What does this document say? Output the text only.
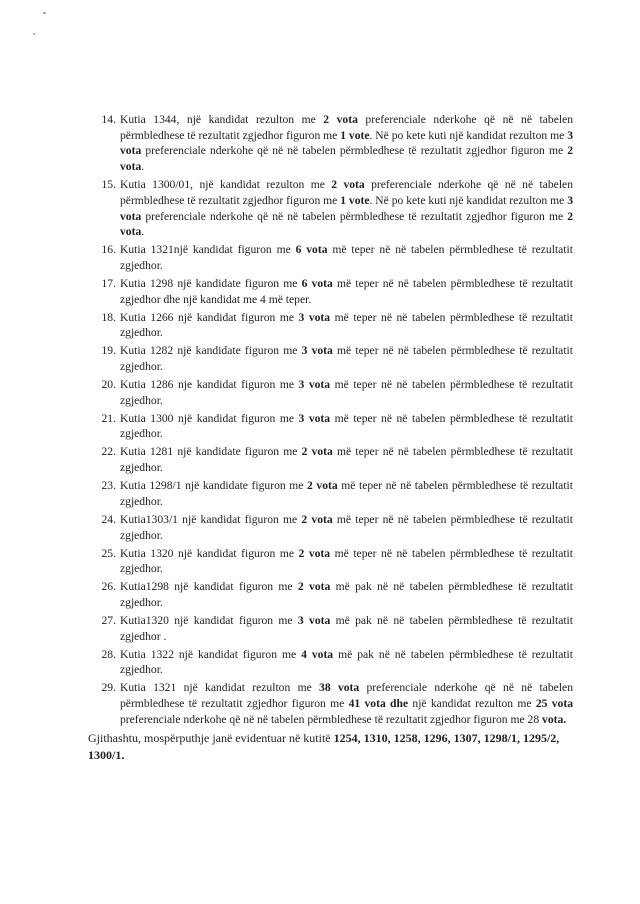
14. Kutia 1344, një kandidat rezulton me 2 vota preferenciale nderkohe që në në tabelen përmbledhese të rezultatit zgjedhor figuron me 1 vote. Në po kete kuti një kandidat rezulton me 3 vota preferenciale nderkohe që në në tabelen përmbledhese të rezultatit zgjedhor figuron me 2 vota.
15. Kutia 1300/01, një kandidat rezulton me 2 vota preferenciale nderkohe që në në tabelen përmbledhese të rezultatit zgjedhor figuron me 1 vote. Në po kete kuti një kandidat rezulton me 3 vota preferenciale nderkohe që në në tabelen përmbledhese të rezultatit zgjedhor figuron me 2 vota.
16. Kutia 1321një kandidat figuron me 6 vota më teper në në tabelen përmbledhese të rezultatit zgjedhor.
17. Kutia 1298 një kandidate figuron me 6 vota më teper në në tabelen përmbledhese të rezultatit zgjedhor dhe një kandidat me 4 më teper.
18. Kutia 1266 një kandidat figuron me 3 vota më teper në në tabelen përmbledhese të rezultatit zgjedhor.
19. Kutia 1282 një kandidate figuron me 3 vota më teper në në tabelen përmbledhese të rezultatit zgjedhor.
20. Kutia 1286 nje kandidat figuron me 3 vota më teper në në tabelen përmbledhese të rezultatit zgjedhor.
21. Kutia 1300 një kandidat figuron me 3 vota më teper në në tabelen përmbledhese të rezultatit zgjedhor.
22. Kutia 1281 një kandidate figuron me 2 vota më teper në në tabelen përmbledhese të rezultatit zgjedhor.
23. Kutia 1298/1 një kandidate figuron me 2 vota më teper në në tabelen përmbledhese të rezultatit zgjedhor.
24. Kutia1303/1 një kandidat figuron me 2 vota më teper në në tabelen përmbledhese të rezultatit zgjedhor.
25. Kutia 1320 një kandidat figuron me 2 vota më teper në në tabelen përmbledhese të rezultatit zgjedhor.
26. Kutia1298 një kandidat figuron me 2 vota më pak në në tabelen përmbledhese të rezultatit zgjedhor.
27. Kutia1320 një kandidat figuron me 3 vota më pak në në tabelen përmbledhese të rezultatit zgjedhor .
28. Kutia 1322 një kandidat figuron me 4 vota më pak në në tabelen përmbledhese të rezultatit zgjedhor.
29. Kutia 1321 një kandidat rezulton me 38 vota preferenciale nderkohe që në në tabelen përmbledhese të rezultatit zgjedhor figuron me 41 vota dhe një kandidat rezulton me 25 vota preferenciale nderkohe që në në tabelen përmbledhese të rezultatit zgjedhor figuron me 28 vota.

Gjithashtu, mospërputhje janë evidentuar në kutitë 1254, 1310, 1258, 1296, 1307, 1298/1, 1295/2, 1300/1.
